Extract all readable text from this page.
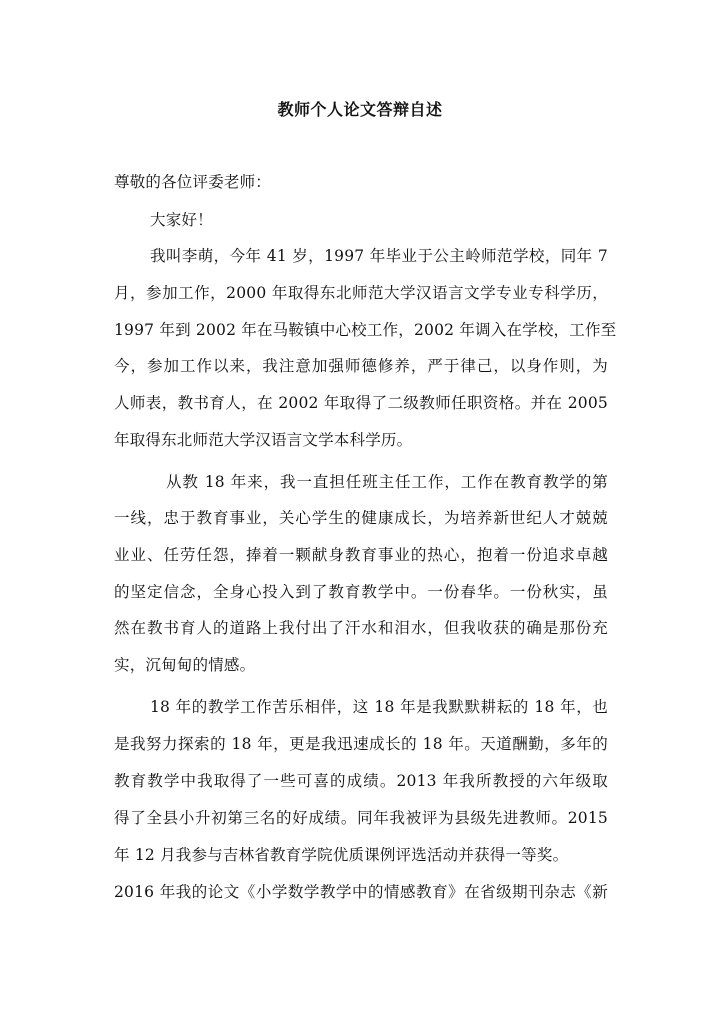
教师个人论文答辩自述
尊敬的各位评委老师：
大家好！
我叫李萌，今年 41 岁，1997 年毕业于公主岭师范学校，同年 7
月，参加工作，2000 年取得东北师范大学汉语言文学专业专科学历，
1997 年到 2002 年在马鞍镇中心校工作，2002 年调入在学校，工作至
今，参加工作以来，我注意加强师德修养，严于律己，以身作则，为
人师表，教书育人，在 2002 年取得了二级教师任职资格。并在 2005
年取得东北师范大学汉语言文学本科学历。
从教 18 年来，我一直担任班主任工作，工作在教育教学的第
一线，忠于教育事业，关心学生的健康成长，为培养新世纪人才兢兢
业业、任劳任怨，捧着一颗献身教育事业的热心，抱着一份追求卓越
的坚定信念，全身心投入到了教育教学中。一份春华。一份秋实，虽
然在教书育人的道路上我付出了汗水和泪水，但我收获的确是那份充
实，沉甸甸的情感。
18 年的教学工作苦乐相伴，这 18 年是我默默耕耘的 18 年，也
是我努力探索的 18 年，更是我迅速成长的 18 年。天道酬勤，多年的
教育教学中我取得了一些可喜的成绩。2013 年我所教授的六年级取
得了全县小升初第三名的好成绩。同年我被评为县级先进教师。2015
年 12 月我参与吉林省教育学院优质课例评选活动并获得一等奖。
2016 年我的论文《小学数学教学中的情感教育》在省级期刊杂志《新
